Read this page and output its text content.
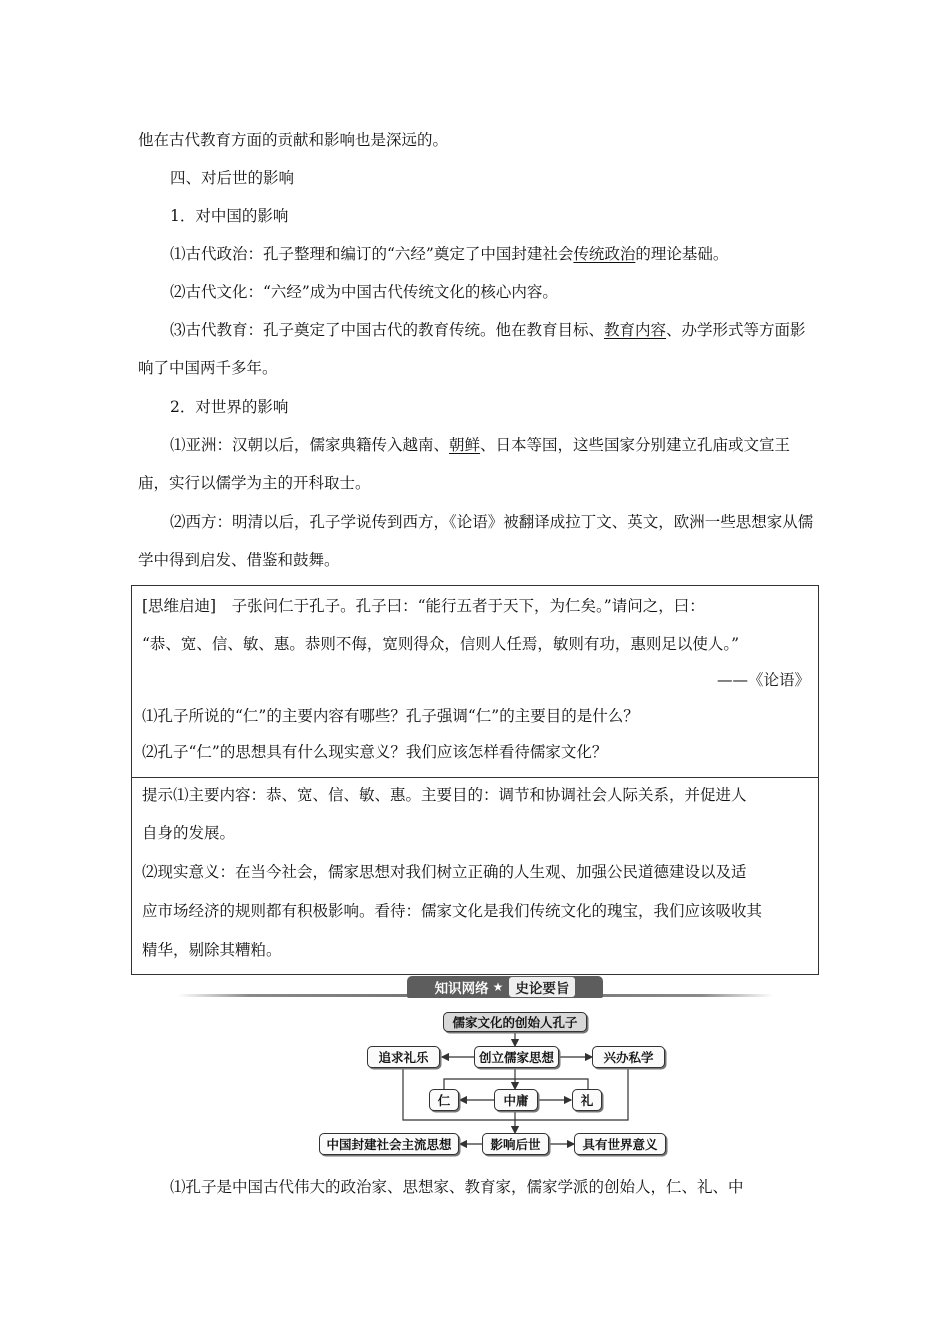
他在古代教育方面的贡献和影响也是深远的。

四、对后世的影响

1．对中国的影响

⑴古代政治：孔子整理和编订的“六经”奠定了中国封建社会传统政治的理论基础。

⑵古代文化：“六经”成为中国古代传统文化的核心内容。

⑶古代教育：孔子奠定了中国古代的教育传统。他在教育目标、教育内容、办学形式等方面影响了中国两千多年。

2．对世界的影响

⑴亚洲：汉朝以后，儒家典籍传入越南、朝鲜、日本等国，这些国家分别建立孔庙或文宣王庙，实行以儒学为主的开科取士。

⑵西方：明清以后，孔子学说传到西方，《论语》被翻译成拉丁文、英文，欧洲一些思想家从儒学中得到启发、借鉴和鼓舞。

[思维启迪]　子张问仁于孔子。孔子曰：“能行五者于天下，为仁矣。”请问之，曰：

“恭、宽、信、敏、惠。恭则不侮，宽则得众，信则人任焉，敏则有功，惠则足以使人。”

——《论语》

⑴孔子所说的“仁”的主要内容有哪些？孔子强调“仁”的主要目的是什么？

⑵孔子“仁”的思想具有什么现实意义？我们应该怎样看待儒家文化？

提示⑴主要内容：恭、宽、信、敏、惠。主要目的：调节和协调社会人际关系，并促进人

自身的发展。

⑵现实意义：在当今社会，儒家思想对我们树立正确的人生观、加强公民道德建设以及适

应市场经济的规则都有积极影响。看待：儒家文化是我们传统文化的瑰宝，我们应该吸收其

精华，剔除其糟粕。

知识网络 ★ 史论要旨
儒家文化的创始人孔子
创立儒家思想
追求礼乐	兴办私学
仁	中庸	礼
中国封建社会主流思想	影响后世	具有世界意义

⑴孔子是中国古代伟大的政治家、思想家、教育家，儒家学派的创始人，仁、礼、中
